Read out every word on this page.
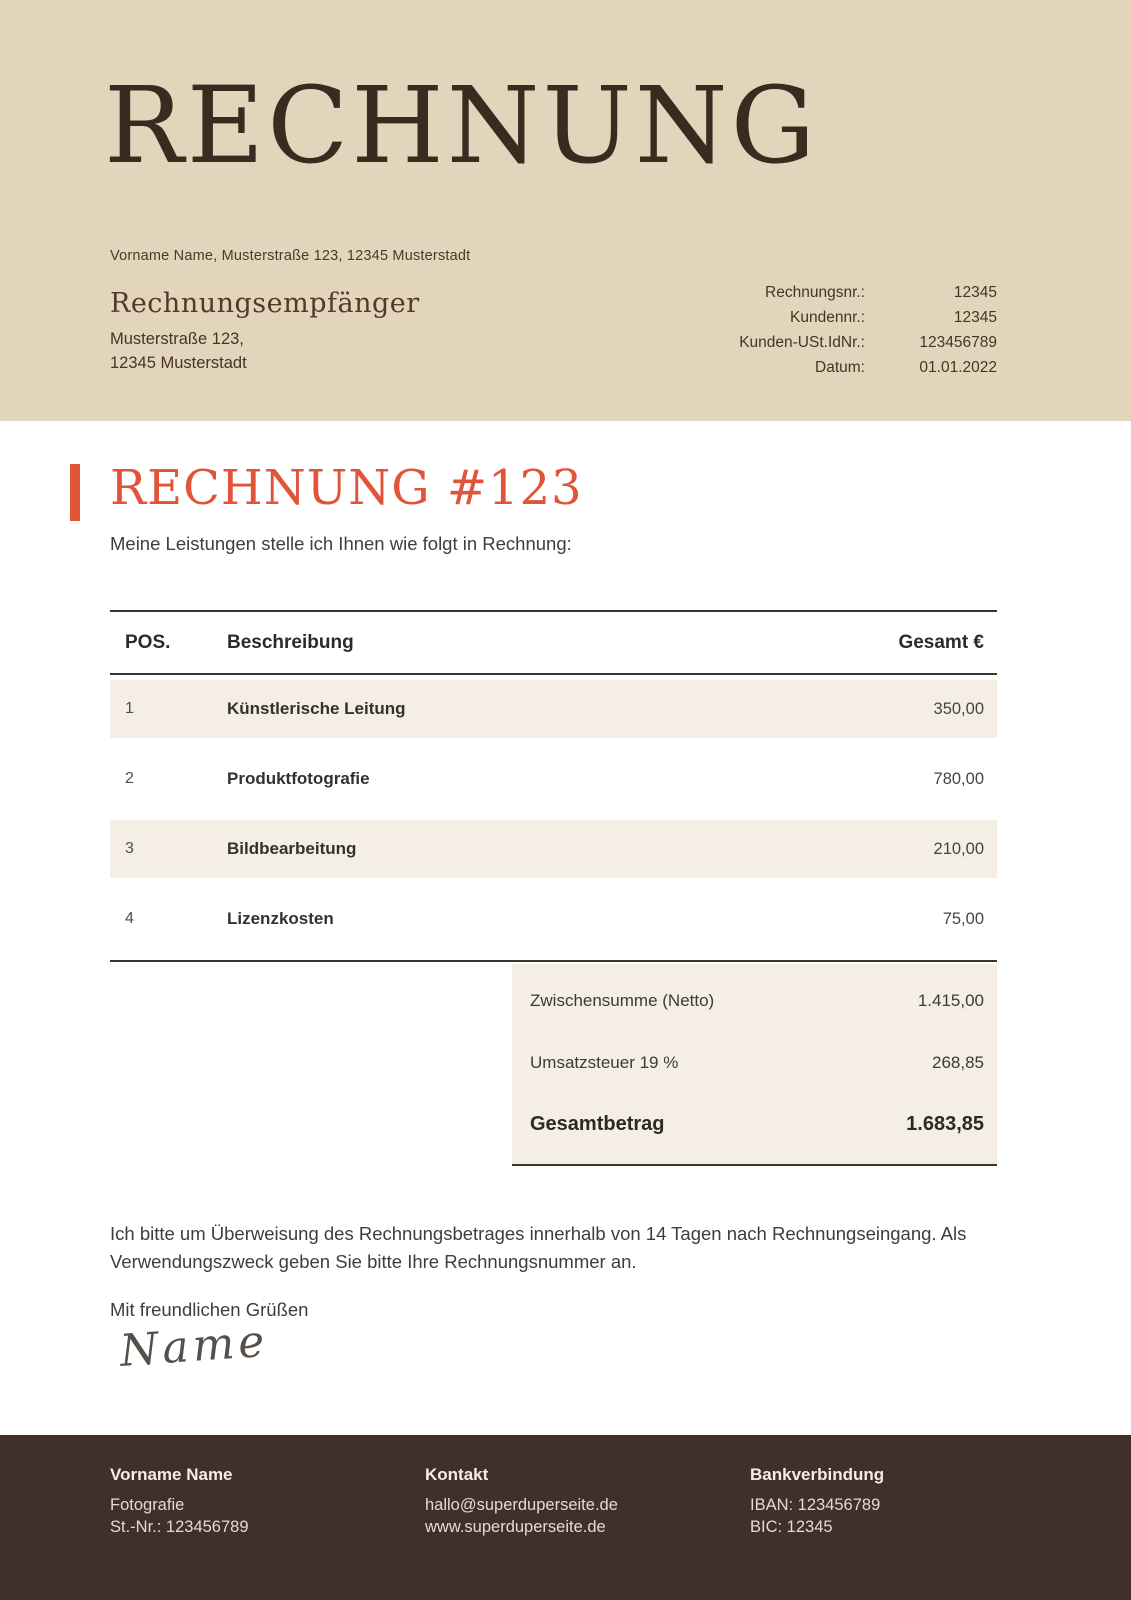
RECHNUNG
Vorname Name, Musterstraße 123, 12345 Musterstadt
Rechnungsempfänger
Musterstraße 123,
12345 Musterstadt
Rechnungsnr.:	12345
Kundennr.:	12345
Kunden-USt.IdNr.:	123456789
Datum:	01.01.2022
RECHNUNG #123
Meine Leistungen stelle ich Ihnen wie folgt in Rechnung:
POS.	Beschreibung	Gesamt €
1	Künstlerische Leitung	350,00
2	Produktfotografie	780,00
3	Bildbearbeitung	210,00
4	Lizenzkosten	75,00
Zwischensumme (Netto)	1.415,00
Umsatzsteuer 19 %	268,85
Gesamtbetrag	1.683,85
Ich bitte um Überweisung des Rechnungsbetrages innerhalb von 14 Tagen nach Rechnungseingang. Als Verwendungszweck geben Sie bitte Ihre Rechnungsnummer an.
Mit freundlichen Grüßen
Name
Vorname Name
Fotografie
St.-Nr.: 123456789
Kontakt
hallo@superduperseite.de
www.superduperseite.de
Bankverbindung
IBAN: 123456789
BIC: 12345
